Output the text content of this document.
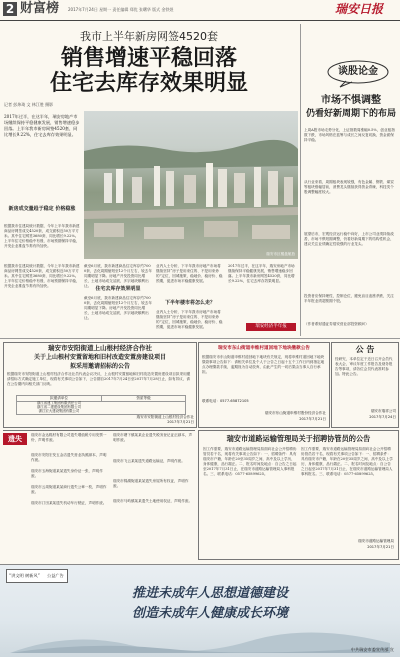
2 财富榜 2017年7月24日 星期一 责任编辑 郑优 张曙华 版式 金铁煜	瑞安日报
我市上半年新房网签4520套
销售增速平稳回落
住宅去库存效果明显
记者 彭炜琦 文 林江胜 摄影
瑞安市区楼盘航拍
2017年过半，在这半年，瑞安房地产市场继续保持平稳健康发展，销售增速稳步回落。上半年我市新房网签4520套，同比增长9.22%，住宅去库存效果明显。
新房成交量趋于稳定 价格稳涨
根据我市住建局统计数据，今年上半年我市新建商品房网签成交4520套，成交面积近50万平方米。其中住宅网签3680套，同比增长9.22%。上半年住宅价格稳中有涨，市场预期保持平稳，开发企业推盘节奏有所加快。
根据我市住建局统计数据，今年上半年我市新建商品房网签成交4520套，成交面积近50万平方米。其中住宅网签3680套，同比增长9.22%。上半年住宅价格稳中有涨，市场预期保持平稳，开发企业推盘节奏有所加快。
截至6月底，我市新建商品住宅库存约7000套，去化周期缩短至12个月左右，较去年同期明显下降。房地产开发投资同比增长，土地市场成交活跃，多宗地块顺利出让。 住宅去库存效果明显
截至6月底，我市新建商品住宅库存约7000套，去化周期缩短至12个月左右，较去年同期明显下降。房地产开发投资同比增长，土地市场成交活跃，多宗地块顺利出让。
业内人士分析，下半年我市房地产市场将继续坚持“房子是用来住的、不是用来炒的”定位，因城施策，稳地价、稳房价、稳预期，促进市场平稳健康发展。
下半年楼市将怎么走？
业内人士分析，下半年我市房地产市场将继续坚持“房子是用来住的、不是用来炒的”定位，因城施策，稳地价、稳房价、稳预期，促进市场平稳健康发展。
2017年过半，在这半年，瑞安房地产市场继续保持平稳健康发展，销售增速稳步回落。上半年我市新房网签4520套，同比增长9.22%，住宅去库存效果明显。
瑞安经济半年报
谈股论金
市场不惧调整
仍看好新周期下的布局
上周A股市场走势分化，上证指数周涨幅0.5%，创业板指数下跌，市场风格在蓝筹与成长之间反复切换，资金面保持平稳。
从行业来看，周期板块表现较强，有色金属、钢铁、煤炭等板块涨幅居前，消费龙头继续获得资金青睐，科技类个股调整幅度较大。
展望后市，宏观经济运行稳中向好，上市公司业绩持续改善，市场不惧短期调整，仍看好新周期下的结构性机会，建议关注业绩确定性较强的行业龙头。
投资者应保持理性，控制仓位，避免盲目追涨杀跌，关注半年报业绩超预期个股。
（作者系财通证券瑞安营业部投资顾问）
瑞安市安阳街道上山根村经济合作社
关于上山根村安置留地和旧村改造安置房建设项目
拟采用邀请招标的公告
根据瑞安市安阳街道上山根村经济合作社社员代表会议决议，上山根村安置留地和旧村改造安置房建设项目拟采用邀请招标方式确定施工单位，现将有关事项公告如下，公告期自2017年7月24日至2017年7月28日止，如有异议，请在公告期内向相关部门反映。
拟邀请单位	资质等级
浙江省建工集团有限责任公司
浙江省二建建设集团有限公司
浙江宏大建设集团有限公司
瑞安市安阳街道上山根村经济合作社
2017年7月21日
瑞安市东山街道申维村道回地下地块缴款公告
根据瑞安市东山街道申维村道回地下地块有关规定，现将申维村道回地下地块缴款事项公告如下：请相关单位及个人于公告之日起十五个工作日内到指定地点办理缴款手续，逾期视为自动放弃，由此产生的一切后果由当事人自行承担。
联系电话：0577-65872105
瑞安市东山街道申维村股份经济合作社
2017年7月21日
公 告
经研究，本单位定于近日召开会员代表大会，审议年度工作报告及财务报告等事项，请各位会员代表准时参加。特此公告。
瑞安市瑞祥公司
2017年7月24日
遗失	瑞安市金达鞋材有限公司遗失增值税专用发票一份，声明作废。
瑞安市安阳宏发五金店遗失营业执照副本，声明作废。
瑞安市玉海街道某某遗失身份证一张，声明作废。
瑞安市云周街道某某商行遗失公章一枚，声明作废。
瑞安市汀田某某遗失机动车行驶证，声明作废。
瑞安市塘下镇某某企业遗失税务登记证正副本，声明作废。
瑞安市飞云某某遗失道路运输证，声明作废。
瑞安市锦湖街道某某遗失房屋所有权证，声明作废。
瑞安市马屿镇某某遗失土地使用权证，声明作废。
瑞安市道路运输管理局关于招聘协管员的公告
因工作需要，瑞安市道路运输管理局拟面向社会公开招聘协管员若干名，现将有关事项公告如下：一、招聘条件：具有瑞安市户籍，年龄在20至35周岁之间，高中及以上学历，身体健康，品行端正。二、报名时间及地点：自公告之日起至2017年7月31日止，在瑞安市道路运输管理局人事科报名。三、联系电话：0577-65899625。
因工作需要，瑞安市道路运输管理局拟面向社会公开招聘协管员若干名，现将有关事项公告如下：一、招聘条件：具有瑞安市户籍，年龄在20至35周岁之间，高中及以上学历，身体健康，品行端正。二、报名时间及地点：自公告之日起至2017年7月31日止，在瑞安市道路运输管理局人事科报名。三、联系电话：0577-65899625。
瑞安市道路运输管理局
2017年7月21日
“讲文明 树新风” 公益广告
推进未成年人思想道德建设
创造未成年人健康成长环境
中共瑞安市委宣传部 宣
